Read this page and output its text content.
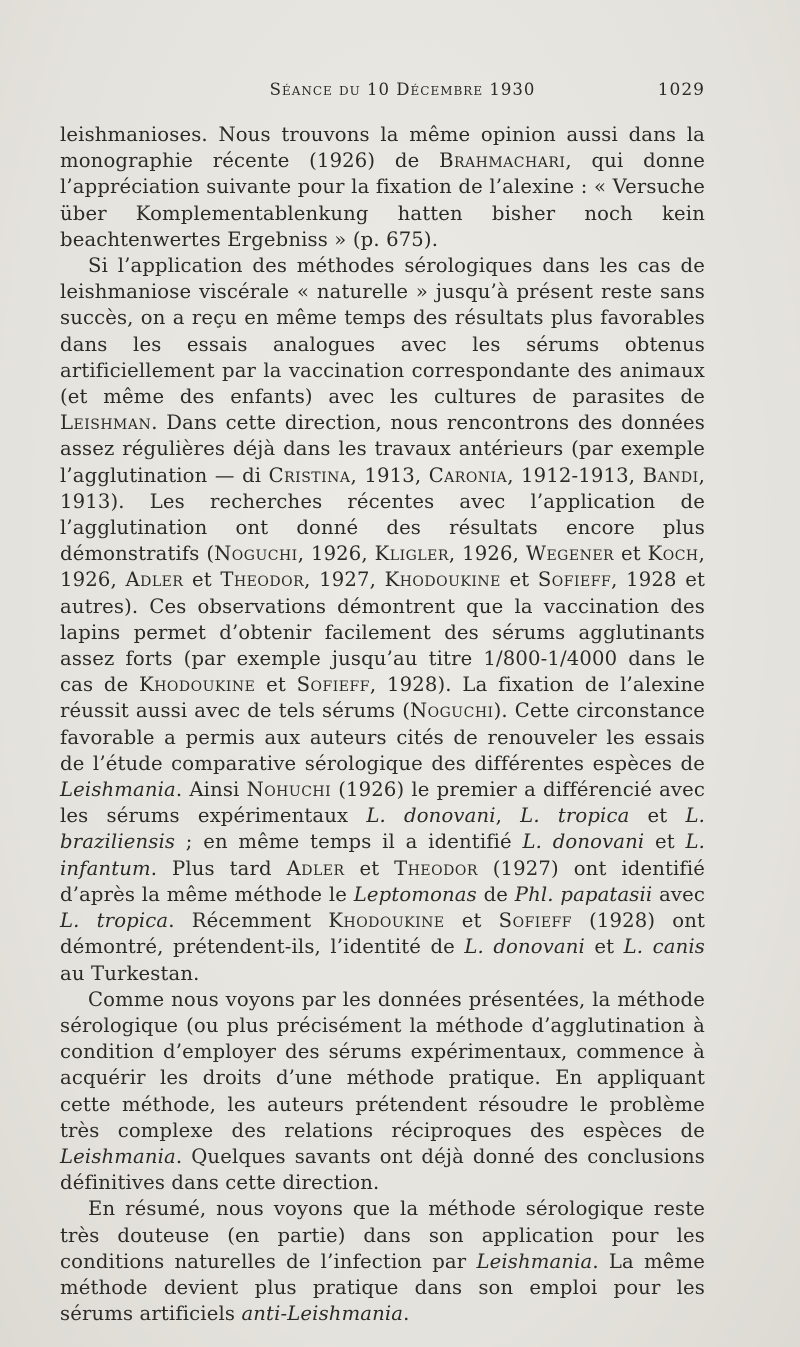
Séance du 10 Décembre 1930	1029

leishmanioses. Nous trouvons la même opinion aussi dans la monographie récente (1926) de Brahmachari, qui donne l’appréciation suivante pour la fixation de l’alexine : « Versuche über Komplementablenkung hatten bisher noch kein beachtenwertes Ergebniss » (p. 675).

Si l’application des méthodes sérologiques dans les cas de leishmaniose viscérale « naturelle » jusqu’à présent reste sans succès, on a reçu en même temps des résultats plus favorables dans les essais analogues avec les sérums obtenus artificiellement par la vaccination correspondante des animaux (et même des enfants) avec les cultures de parasites de Leishman. Dans cette direction, nous rencontrons des données assez régulières déjà dans les travaux antérieurs (par exemple l’agglutination — di Cristina, 1913, Caronia, 1912-1913, Bandi, 1913). Les recherches récentes avec l’application de l’agglutination ont donné des résultats encore plus démonstratifs (Noguchi, 1926, Kligler, 1926, Wegener et Koch, 1926, Adler et Theodor, 1927, Khodoukine et Sofieff, 1928 et autres). Ces observations démontrent que la vaccination des lapins permet d’obtenir facilement des sérums agglutinants assez forts (par exemple jusqu’au titre 1/800-1/4000 dans le cas de Khodoukine et Sofieff, 1928). La fixation de l’alexine réussit aussi avec de tels sérums (Noguchi). Cette circonstance favorable a permis aux auteurs cités de renouveler les essais de l’étude comparative sérologique des différentes espèces de Leishmania. Ainsi Nohuchi (1926) le premier a différencié avec les sérums expérimentaux L. donovani, L. tropica et L. braziliensis ; en même temps il a identifié L. donovani et L. infantum. Plus tard Adler et Theodor (1927) ont identifié d’après la même méthode le Leptomonas de Phl. papatasii avec L. tropica. Récemment Khodoukine et Sofieff (1928) ont démontré, prétendent-ils, l’identité de L. donovani et L. canis au Turkestan.

Comme nous voyons par les données présentées, la méthode sérologique (ou plus précisément la méthode d’agglutination à condition d’employer des sérums expérimentaux, commence à acquérir les droits d’une méthode pratique. En appliquant cette méthode, les auteurs prétendent résoudre le problème très complexe des relations réciproques des espèces de Leishmania. Quelques savants ont déjà donné des conclusions définitives dans cette direction.

En résumé, nous voyons que la méthode sérologique reste très douteuse (en partie) dans son application pour les conditions naturelles de l’infection par Leishmania. La même méthode devient plus pratique dans son emploi pour les sérums artificiels anti-Leishmania.
